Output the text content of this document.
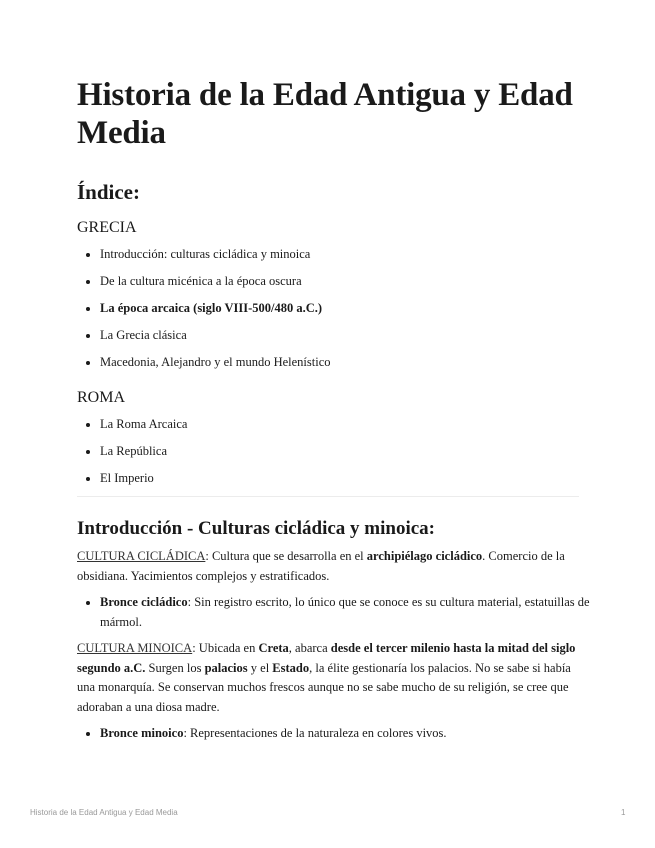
Historia de la Edad Antigua y Edad Media
Índice:
GRECIA
• Introducción: culturas cicládica y minoica
• De la cultura micénica a la época oscura
• La época arcaica (siglo VIII-500/480 a.C.)
• La Grecia clásica
• Macedonia, Alejandro y el mundo Helenístico
ROMA
• La Roma Arcaica
• La República
• El Imperio
Introducción - Culturas cicládica y minoica:

CULTURA CICLÁDICA: Cultura que se desarrolla en el archipiélago cicládico. Comercio de la obsidiana. Yacimientos complejos y estratificados.

• Bronce cicládico: Sin registro escrito, lo único que se conoce es su cultura material, estatuillas de mármol.

CULTURA MINOICA: Ubicada en Creta, abarca desde el tercer milenio hasta la mitad del siglo segundo a.C. Surgen los palacios y el Estado, la élite gestionaría los palacios. No se sabe si había una monarquía. Se conservan muchos frescos aunque no se sabe mucho de su religión, se cree que adoraban a una diosa madre.

• Bronce minoico: Representaciones de la naturaleza en colores vivos.
Historia de la Edad Antigua y Edad Media	1
